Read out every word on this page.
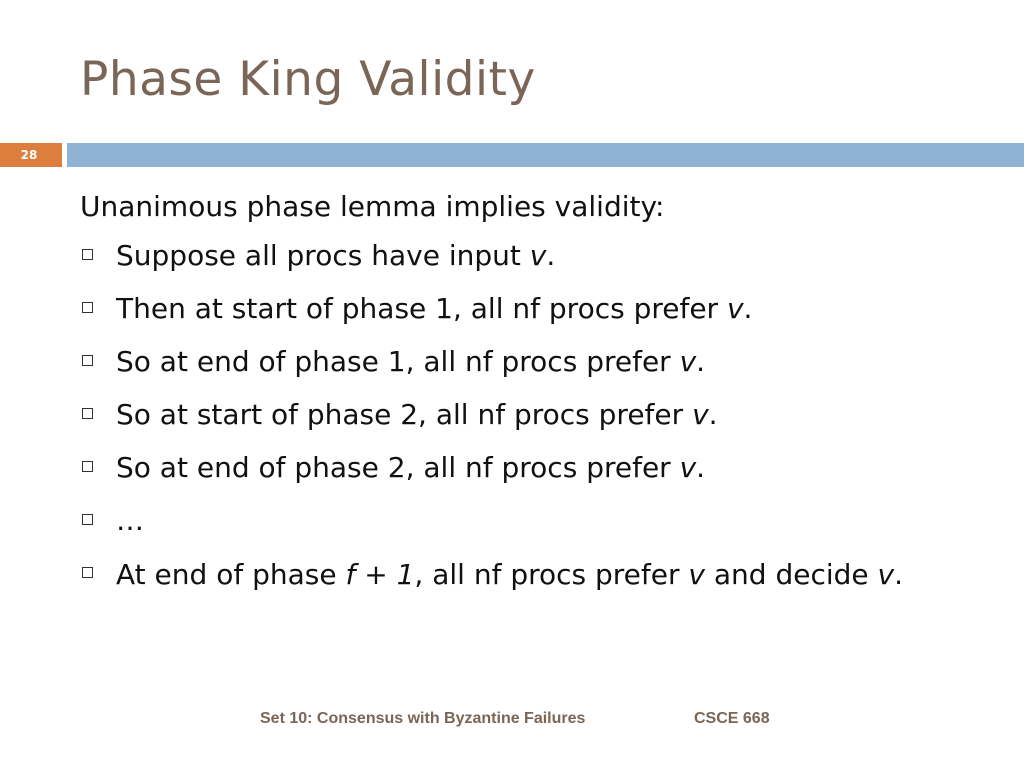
Phase King Validity
28
Unanimous phase lemma implies validity:
Suppose all procs have input v.
Then at start of phase 1, all nf procs prefer v.
So at end of phase 1, all nf procs prefer v.
So at start of phase 2, all nf procs prefer v.
So at end of phase 2, all nf procs prefer v.
…
At end of phase f + 1, all nf procs prefer v and decide v.
Set 10: Consensus with Byzantine Failures	CSCE 668
